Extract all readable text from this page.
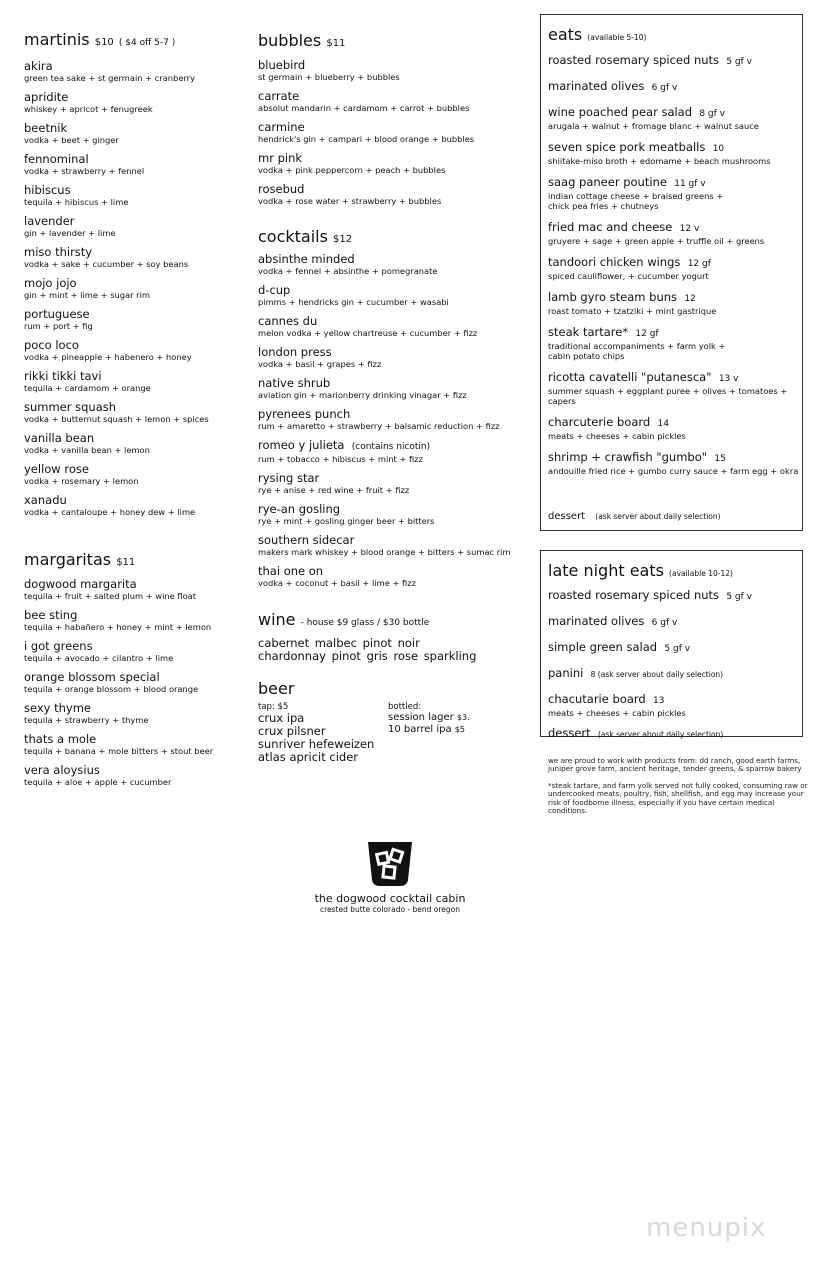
martinis $10 ( $4 off 5-7 )
akira
green tea sake + st germain + cranberry
apriditе
whiskey + apricot + fenugreek
beetnik
vodka + beet + ginger
fennominal
vodka + strawberry + fennel
hibiscus
tequila + hibiscus + lime
lavender
gin + lavender + lime
miso thirsty
vodka + sake + cucumber + soy beans
mojo jojo
gin + mint + lime + sugar rim
portuguese
rum + port + fig
poco loco
vodka + pineapple + habenero + honey
rikki tikki tavi
tequila + cardamom + orange
summer squash
vodka + butternut squash + lemon + spices
vanilla bean
vodka + vanilla bean + lemon
yellow rose
vodka + rosemary + lemon
xanadu
vodka + cantaloupe + honey dew + lime
margaritas $11
dogwood margarita
tequila + fruit + salted plum + wine float
bee sting
tequila + habañero + honey + mint + lemon
i got greens
tequila + avocado + cilantro + lime
orange blossom special
tequila + orange blossom + blood orange
sexy thyme
tequila + strawberry + thyme
thats a mole
tequila + banana + mole bitters + stout beer
vera aloysius
tequila + aloe + apple + cucumber
bubbles $11
bluebird
st germain + blueberry + bubbles
carrate
absolut mandarin + cardamom + carrot + bubbles
carmine
hendrick's gin + campari + blood orange + bubbles
mr pink
vodka + pink peppercorn + peach + bubbles
rosebud
vodka + rose water + strawberry + bubbles
cocktails $12
absinthe minded
vodka + fennel + absinthe + pomegranate
d-cup
pimms + hendricks gin + cucumber + wasabi
cannes du
melon vodka + yellow chartreuse + cucumber + fizz
london press
vodka + basil + grapes + fizz
native shrub
aviation gin + marionberry drinking vinagar + fizz
pyrenees punch
rum + amaretto + strawberry + balsamic reduction + fizz
romeo y julieta (contains nicotin)
rum + tobacco + hibiscus + mint + fizz
rysing star
rye + anise + red wine + fruit + fizz
rye-an gosling
rye + mint + gosling ginger beer + bitters
southern sidecar
makers mark whiskey + blood orange + bitters + sumac rim
thai one on
vodka + coconut + basil + lime + fizz
wine - house $9 glass / $30 bottle
cabernet malbec pinot noir
chardonnay pinot gris rose sparkling
beer
tap: $5
crux ipa
crux pilsner
sunriver hefeweizen
atlas apricit cider
bottled:
session lager $3.
10 barrel ipa $5
the dogwood cocktail cabin
crested butte colorado - bend oregon
eats (available 5-10)
roasted rosemary spiced nuts 5 gf v
marinated olives 6 gf v
wine poached pear salad 8 gf v
arugala + walnut + fromage blanc + walnut sauce
seven spice pork meatballs 10
shiitake-miso broth + edomame + beach mushrooms
saag paneer poutine 11 gf v
indian cottage cheese + braised greens +
chick pea fries + chutneys
fried mac and cheese 12 v
gruyere + sage + green apple + truffle oil + greens
tandoori chicken wings 12 gf
spiced cauliflower, + cucumber yogurt
lamb gyro steam buns 12
roast tomato + tzatziki + mint gastrique
steak tartare* 12 gf
traditional accompaniments + farm yolk +
cabin potato chips
ricotta cavatelli "putanesca" 13 v
summer squash + eggplant puree + olives + tomatoes +
capers
charcuterie board 14
meats + cheeses + cabin pickles
shrimp + crawfish "gumbo" 15
andouille fried rice + gumbo curry sauce + farm egg + okra
dessert (ask server about daily selection)
late night eats (available 10-12)
roasted rosemary spiced nuts 5 gf v
marinated olives 6 gf v
simple green salad 5 gf v
panini 8 (ask server about daily selection)
chacutarie board 13
meats + cheeses + cabin pickles
dessert (ask server about daily selection)
we are proud to work with products from: dd ranch, good earth farms, juniper grove farm, ancient heritage, tender greens, & sparrow bakery
*steak tartare, and farm yolk served not fully cooked, consuming raw or undercooked meats, poultry, fish, shellfish, and egg may increase your risk of foodborne illness, especially if you have certain medical conditions.
menupix
